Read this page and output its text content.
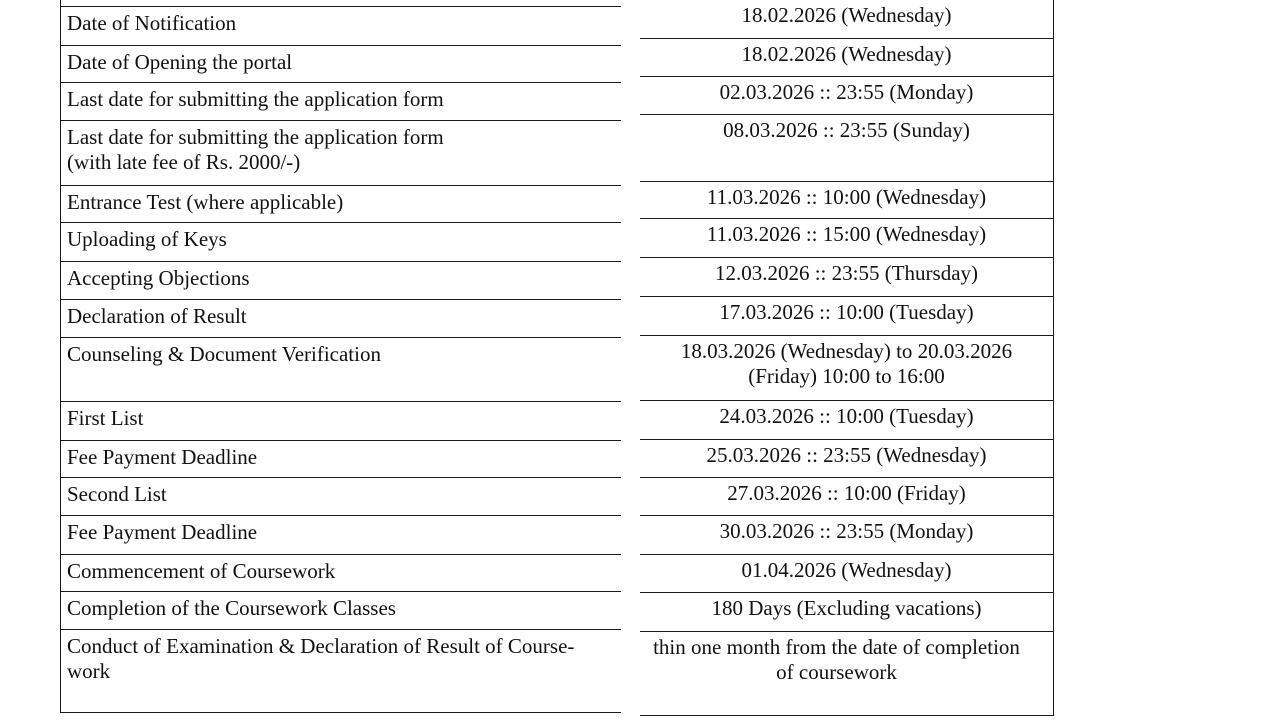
Date of Notification
Date of Opening the portal
Last date for submitting the application form
Last date for submitting the application form
(with late fee of Rs. 2000/-)
Entrance Test (where applicable)
Uploading of Keys
Accepting Objections
Declaration of Result
Counseling & Document Verification
First List
Fee Payment Deadline
Second List
Fee Payment Deadline
Commencement of Coursework
Completion of the Coursework Classes
Conduct of Examination & Declaration of Result of Course-
work
18.02.2026 (Wednesday)
18.02.2026 (Wednesday)
02.03.2026 :: 23:55 (Monday)
08.03.2026 :: 23:55 (Sunday)
11.03.2026 :: 10:00 (Wednesday)
11.03.2026 :: 15:00 (Wednesday)
12.03.2026 :: 23:55 (Thursday)
17.03.2026 :: 10:00 (Tuesday)
18.03.2026 (Wednesday) to 20.03.2026
(Friday) 10:00 to 16:00
24.03.2026 :: 10:00 (Tuesday)
25.03.2026 :: 23:55 (Wednesday)
27.03.2026 :: 10:00 (Friday)
30.03.2026 :: 23:55 (Monday)
01.04.2026 (Wednesday)
180 Days (Excluding vacations)
thin one month from the date of completion
of coursework
